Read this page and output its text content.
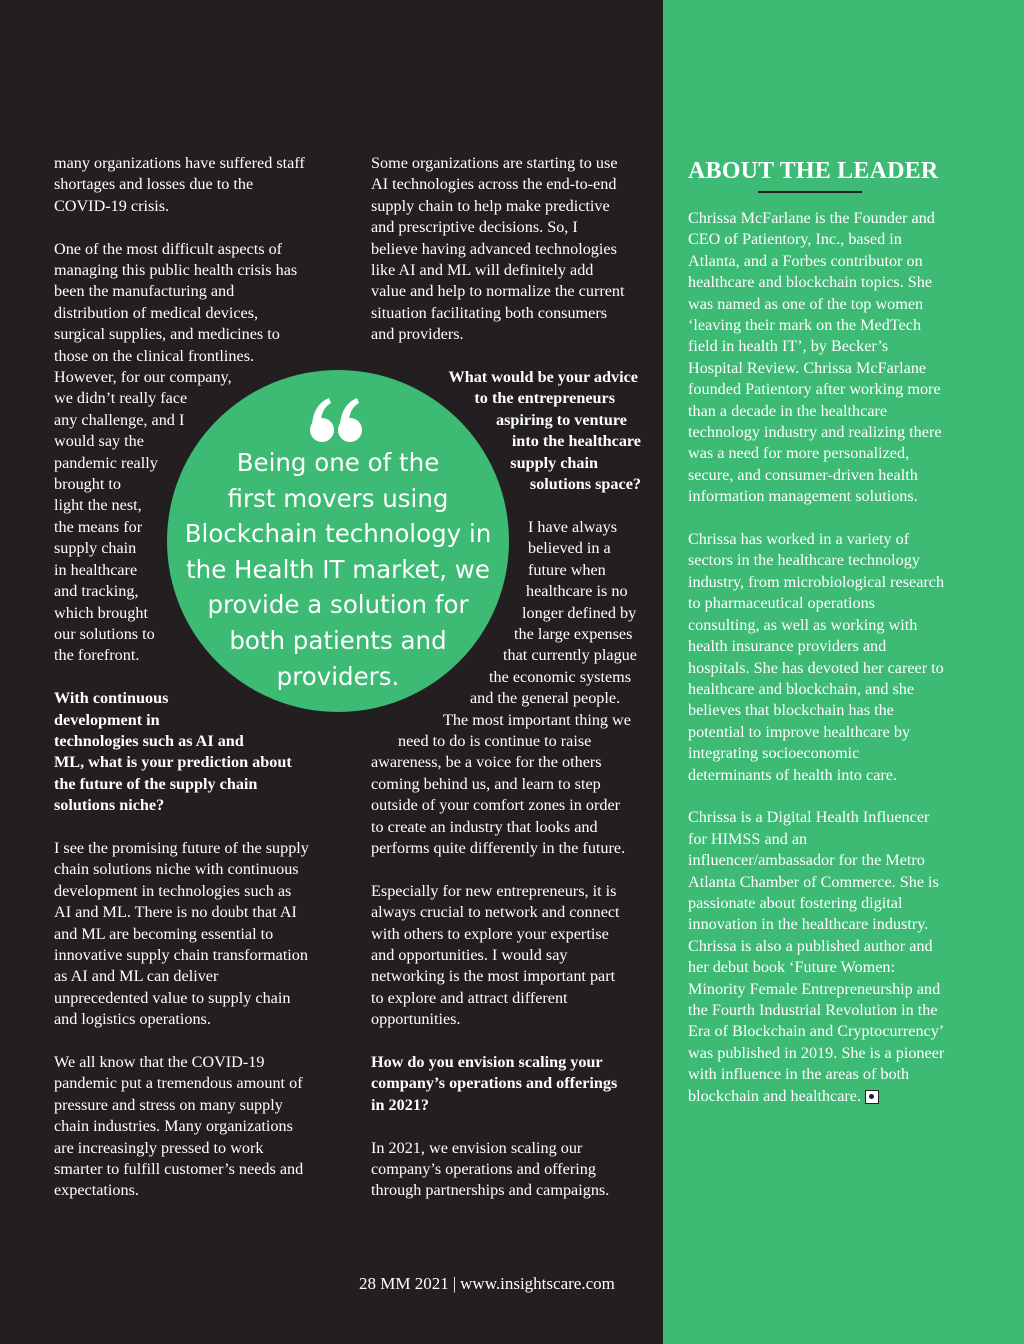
many organizations have suffered staff
shortages and losses due to the
COVID-19 crisis.

One of the most difficult aspects of
managing this public health crisis has
been the manufacturing and
distribution of medical devices,
surgical supplies, and medicines to
those on the clinical frontlines.
However, for our company,
we didn’t really face
any challenge, and I
would say the
pandemic really
brought to
light the nest,
the means for
supply chain
in healthcare
and tracking,
which brought
our solutions to
the forefront.

With continuous
development in
technologies such as AI and
ML, what is your prediction about
the future of the supply chain
solutions niche?

I see the promising future of the supply
chain solutions niche with continuous
development in technologies such as
AI and ML. There is no doubt that AI
and ML are becoming essential to
innovative supply chain transformation
as AI and ML can deliver
unprecedented value to supply chain
and logistics operations.

We all know that the COVID-19
pandemic put a tremendous amount of
pressure and stress on many supply
chain industries. Many organizations
are increasingly pressed to work
smarter to fulfill customer’s needs and
expectations.

Some organizations are starting to use
AI technologies across the end-to-end
supply chain to help make predictive
and prescriptive decisions. So, I
believe having advanced technologies
like AI and ML will definitely add
value and help to normalize the current
situation facilitating both consumers
and providers.

What would be your advice
to the entrepreneurs
aspiring to venture
into the healthcare
supply chain
solutions space?

I have always
believed in a
future when
healthcare is no
longer defined by
the large expenses
that currently plague
the economic systems
and the general people.
The most important thing we
need to do is continue to raise
awareness, be a voice for the others
coming behind us, and learn to step
outside of your comfort zones in order
to create an industry that looks and
performs quite differently in the future.

Especially for new entrepreneurs, it is
always crucial to network and connect
with others to explore your expertise
and opportunities. I would say
networking is the most important part
to explore and attract different
opportunities.

How do you envision scaling your
company’s operations and offerings
in 2021?

In 2021, we envision scaling our
company’s operations and offering
through partnerships and campaigns.

Being one of the
first movers using
Blockchain technology in
the Health IT market, we
provide a solution for
both patients and
providers.
ABOUT THE LEADER

Chrissa McFarlane is the Founder and
CEO of Patientory, Inc., based in
Atlanta, and a Forbes contributor on
healthcare and blockchain topics. She
was named as one of the top women
‘leaving their mark on the MedTech
field in health IT’, by Becker’s
Hospital Review. Chrissa McFarlane
founded Patientory after working more
than a decade in the healthcare
technology industry and realizing there
was a need for more personalized,
secure, and consumer-driven health
information management solutions.

Chrissa has worked in a variety of
sectors in the healthcare technology
industry, from microbiological research
to pharmaceutical operations
consulting, as well as working with
health insurance providers and
hospitals. She has devoted her career to
healthcare and blockchain, and she
believes that blockchain has the
potential to improve healthcare by
integrating socioeconomic
determinants of health into care.

Chrissa is a Digital Health Influencer
for HIMSS and an
influencer/ambassador for the Metro
Atlanta Chamber of Commerce. She is
passionate about fostering digital
innovation in the healthcare industry.
Chrissa is also a published author and
her debut book ‘Future Women:
Minority Female Entrepreneurship and
the Fourth Industrial Revolution in the
Era of Blockchain and Cryptocurrency’
was published in 2019. She is a pioneer
with influence in the areas of both
blockchain and healthcare.

28 MM 2021 | www.insightscare.com
